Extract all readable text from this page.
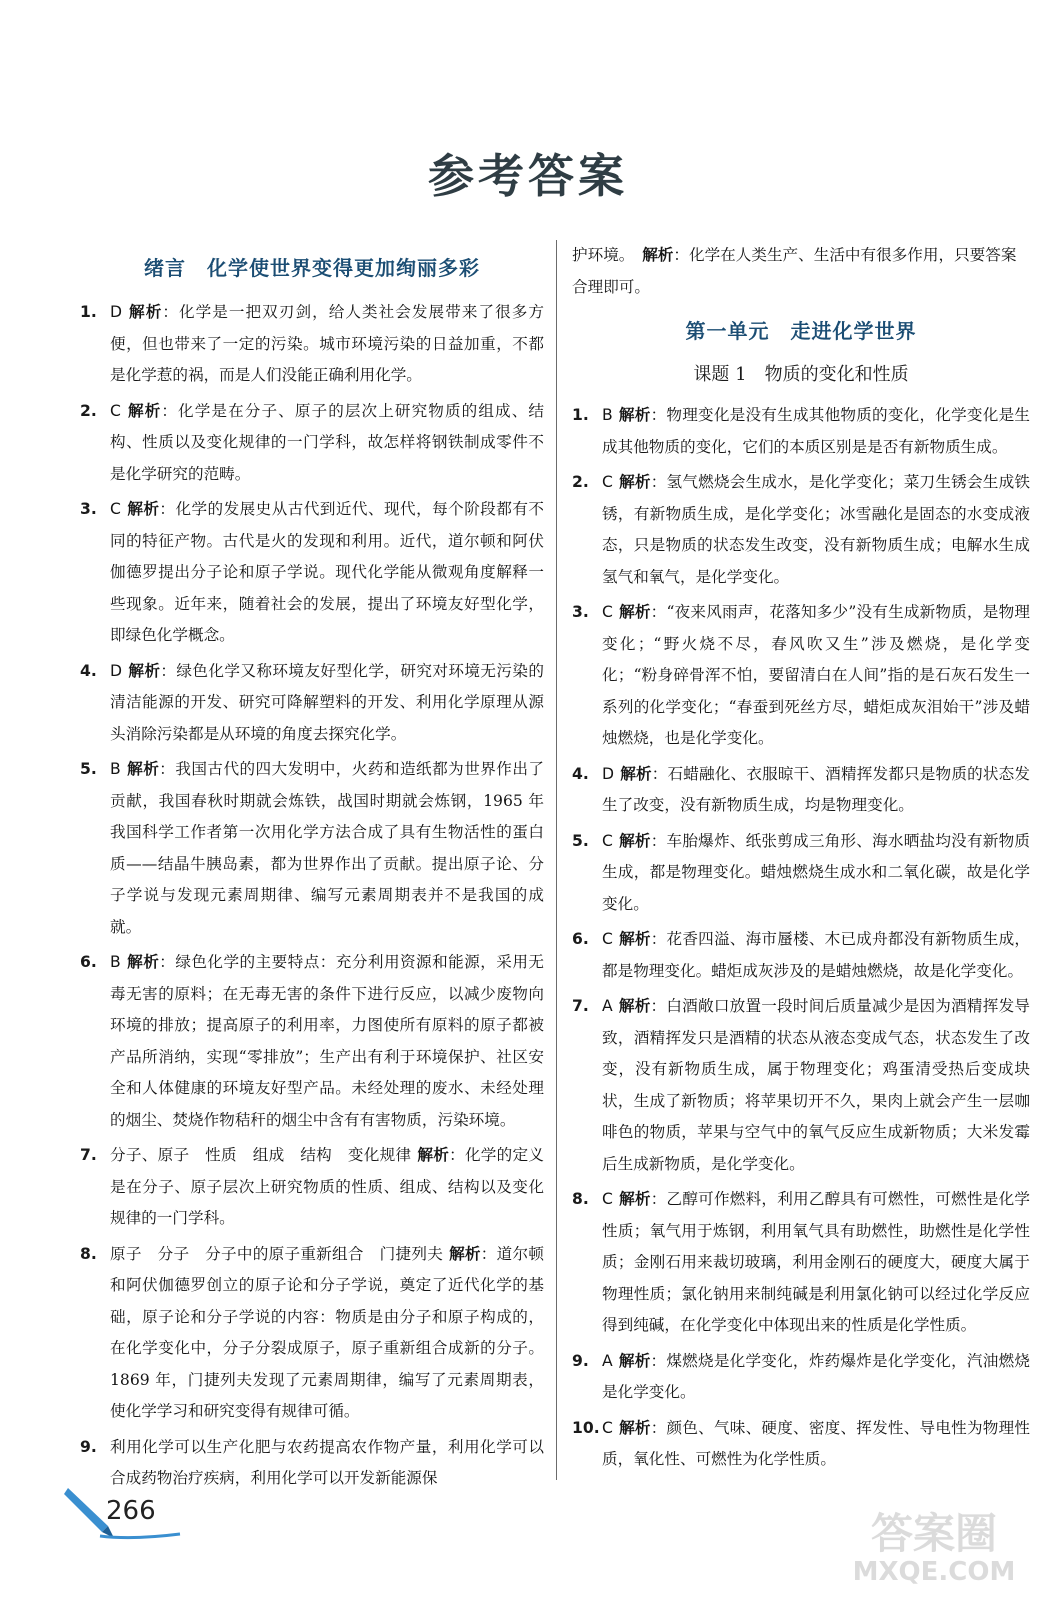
参考答案
绪言　化学使世界变得更加绚丽多彩
1. D 解析：化学是一把双刃剑，给人类社会发展带来了很多方便，但也带来了一定的污染。城市环境污染的日益加重，不都是化学惹的祸，而是人们没能正确利用化学。
2. C 解析：化学是在分子、原子的层次上研究物质的组成、结构、性质以及变化规律的一门学科，故怎样将钢铁制成零件不是化学研究的范畴。
3. C 解析：化学的发展史从古代到近代、现代，每个阶段都有不同的特征产物。古代是火的发现和利用。近代，道尔顿和阿伏伽德罗提出分子论和原子学说。现代化学能从微观角度解释一些现象。近年来，随着社会的发展，提出了环境友好型化学，即绿色化学概念。
4. D 解析：绿色化学又称环境友好型化学，研究对环境无污染的清洁能源的开发、研究可降解塑料的开发、利用化学原理从源头消除污染都是从环境的角度去探究化学。
5. B 解析：我国古代的四大发明中，火药和造纸都为世界作出了贡献，我国春秋时期就会炼铁，战国时期就会炼钢，1965 年我国科学工作者第一次用化学方法合成了具有生物活性的蛋白质——结晶牛胰岛素，都为世界作出了贡献。提出原子论、分子学说与发现元素周期律、编写元素周期表并不是我国的成就。
6. B 解析：绿色化学的主要特点：充分利用资源和能源，采用无毒无害的原料；在无毒无害的条件下进行反应，以减少废物向环境的排放；提高原子的利用率，力图使所有原料的原子都被产品所消纳，实现“零排放”；生产出有利于环境保护、社区安全和人体健康的环境友好型产品。未经处理的废水、未经处理的烟尘、焚烧作物秸秆的烟尘中含有有害物质，污染环境。
7. 分子、原子　性质　组成　结构　变化规律 解析：化学的定义是在分子、原子层次上研究物质的性质、组成、结构以及变化规律的一门学科。
8. 原子　分子　分子中的原子重新组合　门捷列夫 解析：道尔顿和阿伏伽德罗创立的原子论和分子学说，奠定了近代化学的基础，原子论和分子学说的内容：物质是由分子和原子构成的，在化学变化中，分子分裂成原子，原子重新组合成新的分子。1869 年，门捷列夫发现了元素周期律，编写了元素周期表，使化学学习和研究变得有规律可循。
9. 利用化学可以生产化肥与农药提高农作物产量，利用化学可以合成药物治疗疾病，利用化学可以开发新能源保
护环境。　 解析：化学在人类生产、生活中有很多作用，只要答案合理即可。
第一单元　走进化学世界
课题 1　物质的变化和性质
1. B 解析：物理变化是没有生成其他物质的变化，化学变化是生成其他物质的变化，它们的本质区别是是否有新物质生成。
2. C 解析：氢气燃烧会生成水，是化学变化；菜刀生锈会生成铁锈，有新物质生成，是化学变化；冰雪融化是固态的水变成液态，只是物质的状态发生改变，没有新物质生成；电解水生成氢气和氧气，是化学变化。
3. C 解析：“夜来风雨声，花落知多少”没有生成新物质，是物理变化；“野火烧不尽，春风吹又生”涉及燃烧，是化学变化；“粉身碎骨浑不怕，要留清白在人间”指的是石灰石发生一系列的化学变化；“春蚕到死丝方尽，蜡炬成灰泪始干”涉及蜡烛燃烧，也是化学变化。
4. D 解析：石蜡融化、衣服晾干、酒精挥发都只是物质的状态发生了改变，没有新物质生成，均是物理变化。
5. C 解析：车胎爆炸、纸张剪成三角形、海水晒盐均没有新物质生成，都是物理变化。蜡烛燃烧生成水和二氧化碳，故是化学变化。
6. C 解析：花香四溢、海市蜃楼、木已成舟都没有新物质生成，都是物理变化。蜡炬成灰涉及的是蜡烛燃烧，故是化学变化。
7. A 解析：白酒敞口放置一段时间后质量减少是因为酒精挥发导致，酒精挥发只是酒精的状态从液态变成气态，状态发生了改变，没有新物质生成，属于物理变化；鸡蛋清受热后变成块状，生成了新物质；将苹果切开不久，果肉上就会产生一层咖啡色的物质，苹果与空气中的氧气反应生成新物质；大米发霉后生成新物质，是化学变化。
8. C 解析：乙醇可作燃料，利用乙醇具有可燃性，可燃性是化学性质；氧气用于炼钢，利用氧气具有助燃性，助燃性是化学性质；金刚石用来裁切玻璃，利用金刚石的硬度大，硬度大属于物理性质；氯化钠用来制纯碱是利用氯化钠可以经过化学反应得到纯碱，在化学变化中体现出来的性质是化学性质。
9. A 解析：煤燃烧是化学变化，炸药爆炸是化学变化，汽油燃烧是化学变化。
10. C 解析：颜色、气味、硬度、密度、挥发性、导电性为物理性质，氧化性、可燃性为化学性质。
266	答案圈
MXQE.COM
